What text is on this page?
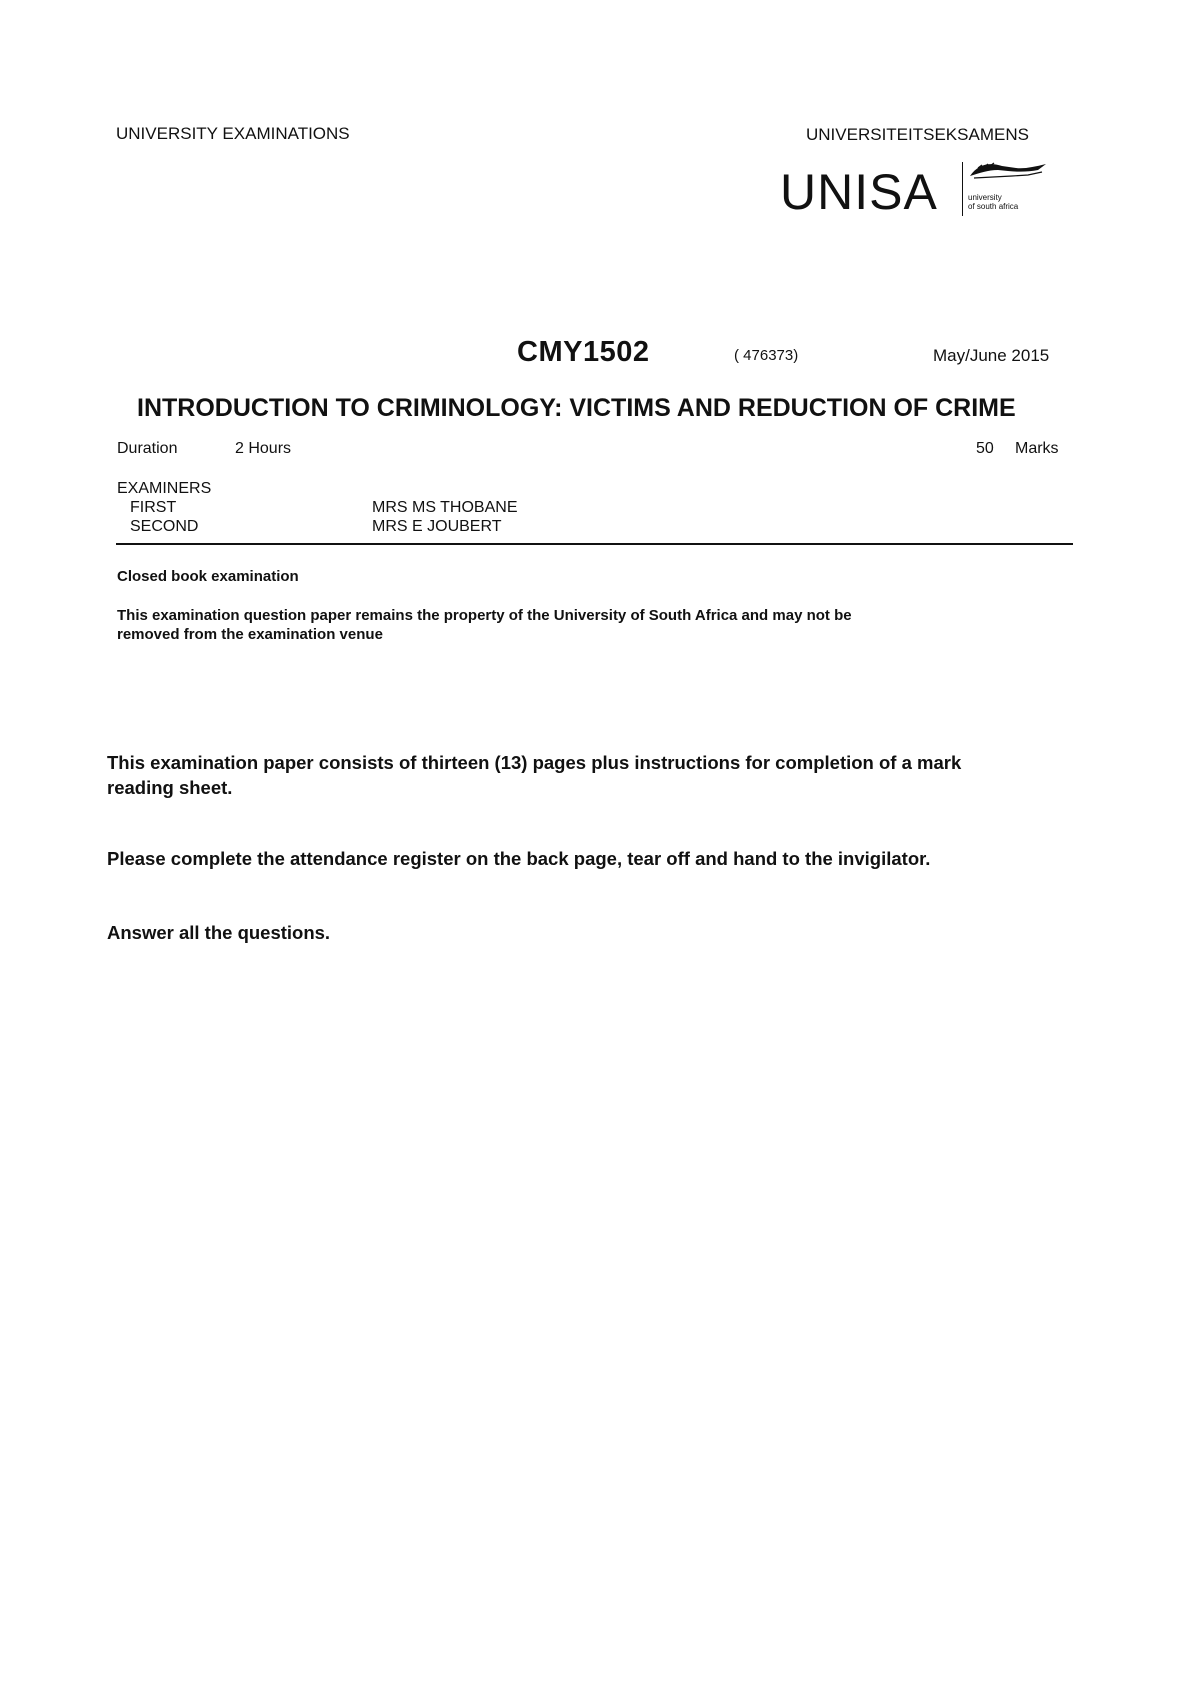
UNIVERSITY EXAMINATIONS	UNIVERSITEITSEKSAMENS
UNISA	university
of south africa
CMY1502	( 476373)	May/June 2015
INTRODUCTION TO CRIMINOLOGY: VICTIMS AND REDUCTION OF CRIME
Duration	2 Hours	50 Marks
EXAMINERS
FIRST	MRS MS THOBANE
SECOND	MRS E JOUBERT
Closed book examination
This examination question paper remains the property of the University of South Africa and may not be
removed from the examination venue
This examination paper consists of thirteen (13) pages plus instructions for completion of a mark
reading sheet.
Please complete the attendance register on the back page, tear off and hand to the invigilator.
Answer all the questions.
